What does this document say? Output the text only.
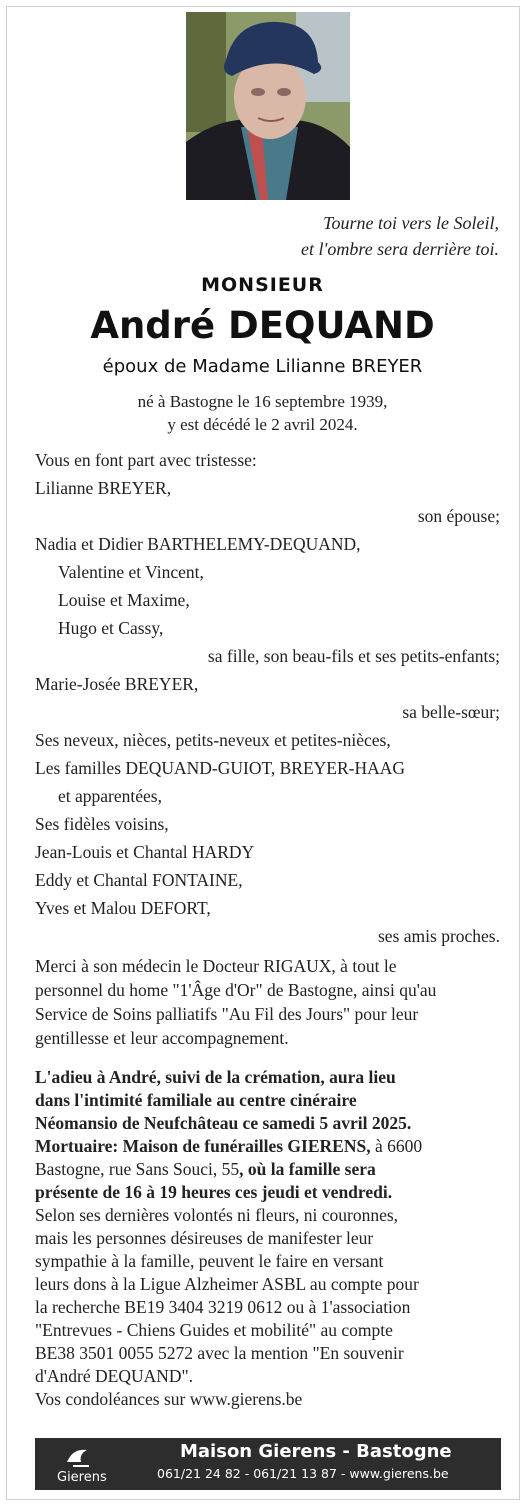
Tourne toi vers le Soleil,
et l'ombre sera derrière toi.
MONSIEUR
André DEQUAND
époux de Madame Lilianne BREYER
né à Bastogne le 16 septembre 1939,
y est décédé le 2 avril 2024.
Vous en font part avec tristesse:
Lilianne BREYER,
son épouse;
Nadia et Didier BARTHELEMY-DEQUAND,
Valentine et Vincent,
Louise et Maxime,
Hugo et Cassy,
sa fille, son beau-fils et ses petits-enfants;
Marie-Josée BREYER,
sa belle-sœur;
Ses neveux, nièces, petits-neveux et petites-nièces,
Les familles DEQUAND-GUIOT, BREYER-HAAG
et apparentées,
Ses fidèles voisins,
Jean-Louis et Chantal HARDY
Eddy et Chantal FONTAINE,
Yves et Malou DEFORT,
ses amis proches.
Merci à son médecin le Docteur RIGAUX, à tout le
personnel du home "1'Âge d'Or" de Bastogne, ainsi qu'au
Service de Soins palliatifs "Au Fil des Jours" pour leur
gentillesse et leur accompagnement.
L'adieu à André, suivi de la crémation, aura lieu
dans l'intimité familiale au centre cinéraire
Néomansio de Neufchâteau ce samedi 5 avril 2025.
Mortuaire: Maison de funérailles GIERENS, à 6600
Bastogne, rue Sans Souci, 55, où la famille sera
présente de 16 à 19 heures ces jeudi et vendredi.
Selon ses dernières volontés ni fleurs, ni couronnes,
mais les personnes désireuses de manifester leur
sympathie à la famille, peuvent le faire en versant
leurs dons à la Ligue Alzheimer ASBL au compte pour
la recherche BE19 3404 3219 0612 ou à 1'association
"Entrevues - Chiens Guides et mobilité" au compte
BE38 3501 0055 5272 avec la mention "En souvenir
d'André DEQUAND".
Vos condoléances sur www.gierens.be
Gierens
Maison Gierens - Bastogne
061/21 24 82 - 061/21 13 87 - www.gierens.be
